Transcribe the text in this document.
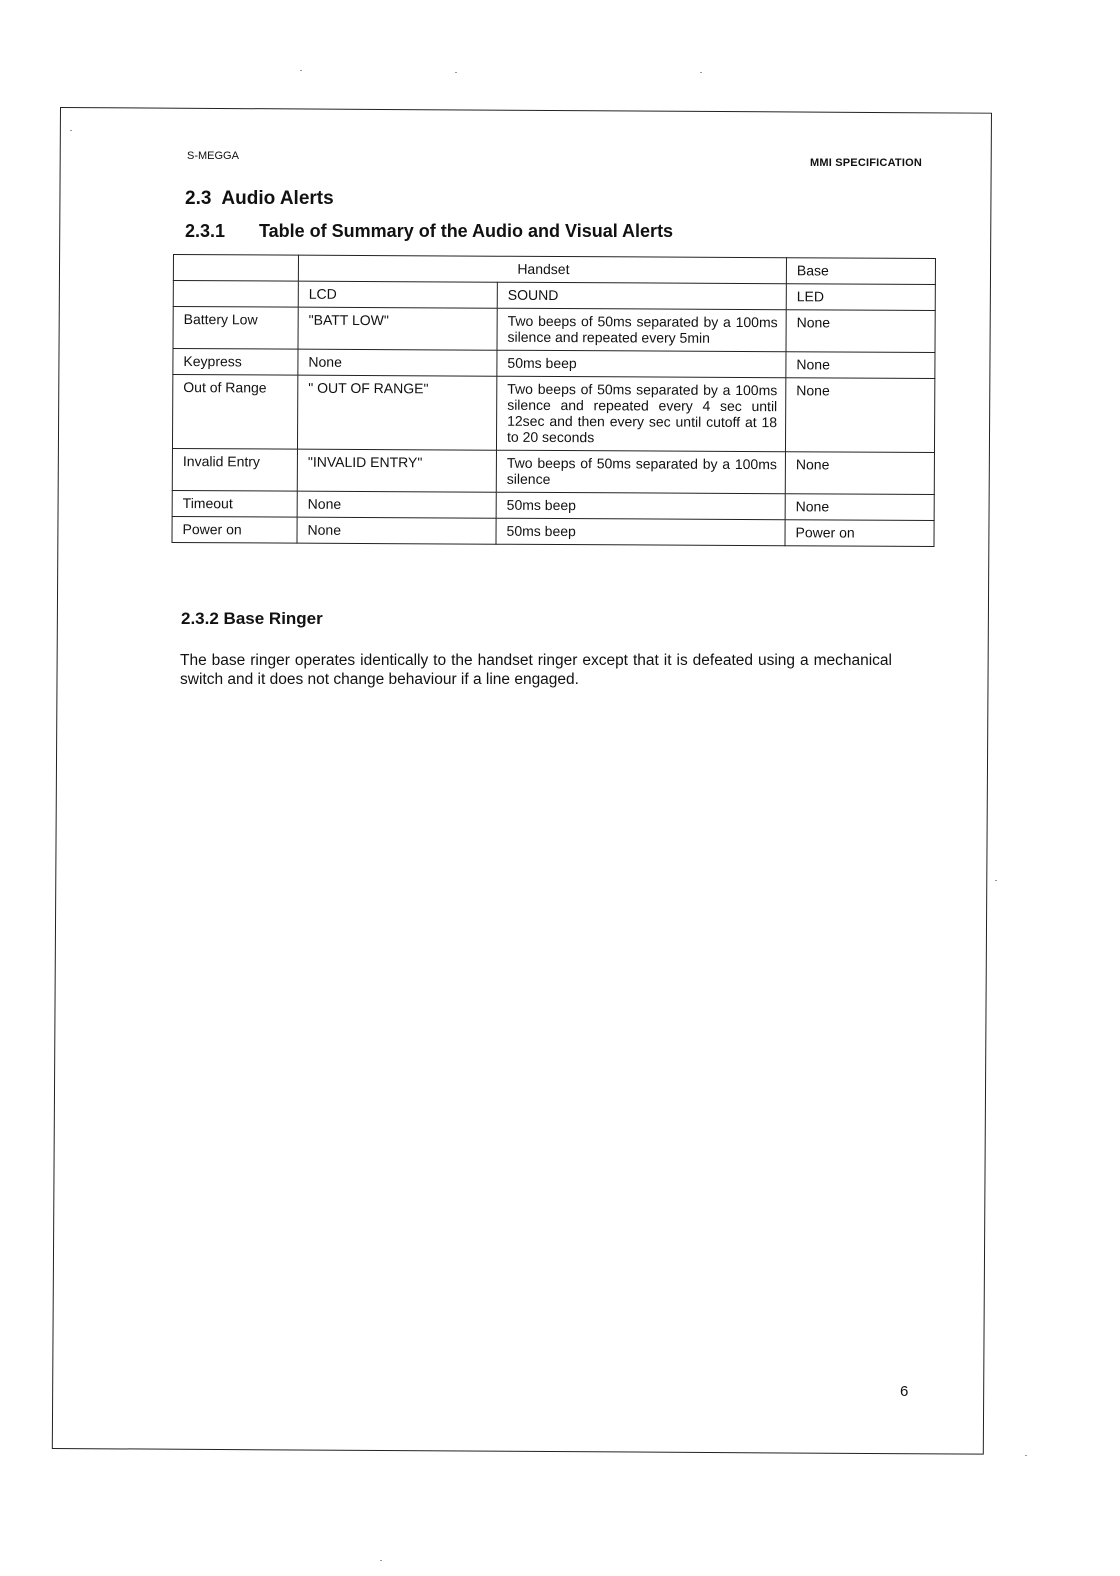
S-MEGGA
MMI SPECIFICATION
2.3 Audio Alerts
2.3.1 Table of Summary of the Audio and Visual Alerts
	Handset		Base
	LCD	SOUND	LED
Battery Low	"BATT LOW"	Two beeps of 50ms separated by a 100ms silence and repeated every 5min	None
Keypress	None	50ms beep	None
Out of Range	" OUT OF RANGE"	Two beeps of 50ms separated by a 100ms silence and repeated every 4 sec until 12sec and then every sec until cutoff at 18 to 20 seconds	None
Invalid Entry	"INVALID ENTRY"	Two beeps of 50ms separated by a 100ms silence	None
Timeout	None	50ms beep	None
Power on	None	50ms beep	Power on
2.3.2 Base Ringer
The base ringer operates identically to the handset ringer except that it is defeated using a mechanical switch and it does not change behaviour if a line engaged.
6
